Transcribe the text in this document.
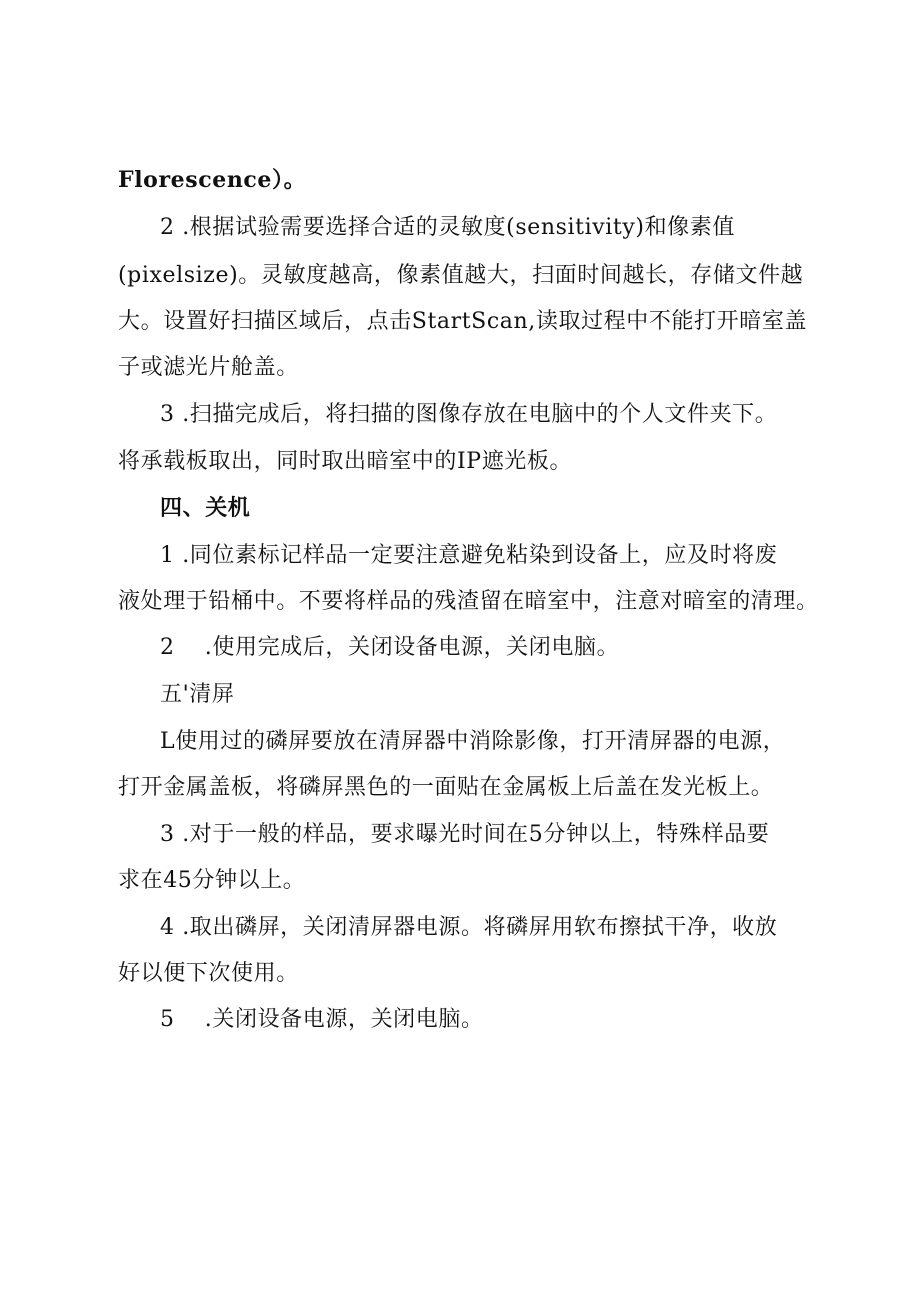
Florescence）。
2 .根据试验需要选择合适的灵敏度(sensitivity)和像素值
(pixelsize)。灵敏度越高，像素值越大，扫面时间越长，存储文件越
大。设置好扫描区域后，点击StartScan,读取过程中不能打开暗室盖
子或滤光片舱盖。
3 .扫描完成后，将扫描的图像存放在电脑中的个人文件夹下。
将承载板取出，同时取出暗室中的IP遮光板。
四、关机
1 .同位素标记样品一定要注意避免粘染到设备上，应及时将废
液处理于铅桶中。不要将样品的残渣留在暗室中，注意对暗室的清理。
2　 .使用完成后，关闭设备电源，关闭电脑。
五'清屏
L使用过的磷屏要放在清屏器中消除影像，打开清屏器的电源，
打开金属盖板，将磷屏黑色的一面贴在金属板上后盖在发光板上。
3 .对于一般的样品，要求曝光时间在5分钟以上，特殊样品要
求在45分钟以上。
4 .取出磷屏，关闭清屏器电源。将磷屏用软布擦拭干净，收放
好以便下次使用。
5　 .关闭设备电源，关闭电脑。
